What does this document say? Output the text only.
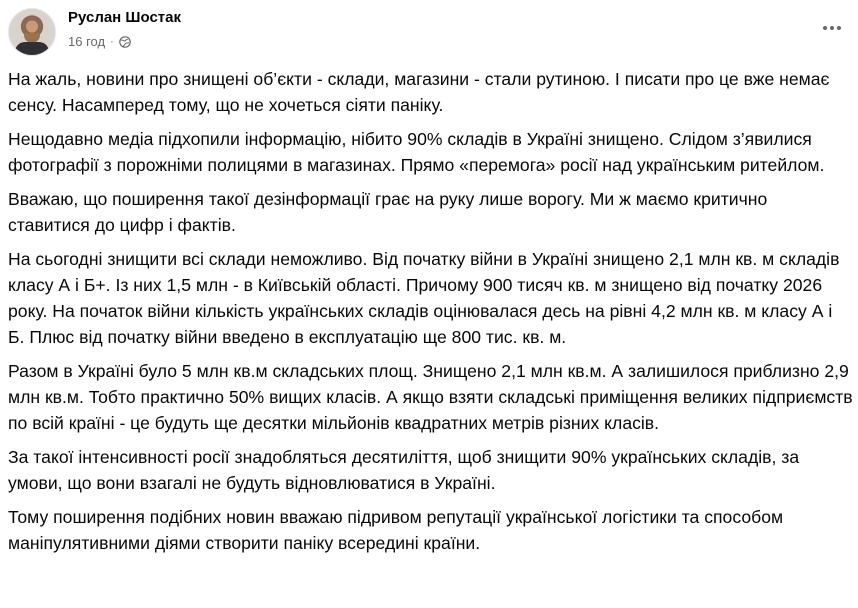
Руслан Шостак
16 год ·

На жаль, новини про знищені об’єкти - склади, магазини - стали рутиною. І писати про це вже немає сенсу. Насамперед тому, що не хочеться сіяти паніку.

Нещодавно медіа підхопили інформацію, нібито 90% складів в Україні знищено. Слідом з’явилися фотографії з порожніми полицями в магазинах. Прямо «перемога» росії над українським ритейлом.

Вважаю, що поширення такої дезінформації грає на руку лише ворогу. Ми ж маємо критично ставитися до цифр і фактів.

На сьогодні знищити всі склади неможливо. Від початку війни в Україні знищено 2,1 млн кв. м складів класу А і Б+. Із них 1,5 млн - в Київській області. Причому 900 тисяч кв. м знищено від початку 2026 року. На початок війни кількість українських складів оцінювалася десь на рівні 4,2 млн кв. м класу А і Б. Плюс від початку війни введено в експлуатацію ще 800 тис. кв. м.

Разом в Україні було 5 млн кв.м складських площ. Знищено 2,1 млн кв.м. А залишилося приблизно 2,9 млн кв.м. Тобто практично 50% вищих класів. А якщо взяти складські приміщення великих підприємств по всій країні - це будуть ще десятки мільйонів квадратних метрів різних класів.

За такої інтенсивності росії знадобляться десятиліття, щоб знищити 90% українських складів, за умови, що вони взагалі не будуть відновлюватися в Україні.

Тому поширення подібних новин вважаю підривом репутації української логістики та способом маніпулятивними діями створити паніку всередині країни.
